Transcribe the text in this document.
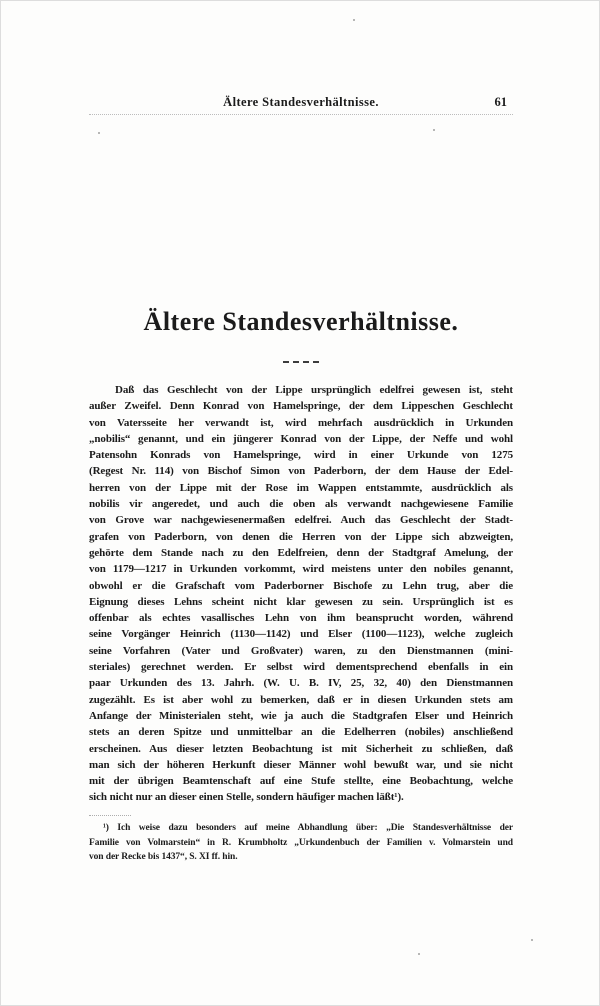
Ältere Standesverhältnisse.	61
Ältere Standesverhältnisse.
Daß das Geschlecht von der Lippe ursprünglich edelfrei gewesen ist, steht
außer Zweifel. Denn Konrad von Hamelspringe, der dem Lippeschen Geschlecht
von Vatersseite her verwandt ist, wird mehrfach ausdrücklich in Urkunden
„nobilis“ genannt, und ein jüngerer Konrad von der Lippe, der Neffe und wohl
Patensohn Konrads von Hamelspringe, wird in einer Urkunde von 1275
(Regest Nr. 114) von Bischof Simon von Paderborn, der dem Hause der Edel-
herren von der Lippe mit der Rose im Wappen entstammte, ausdrücklich als
nobilis vir angeredet, und auch die oben als verwandt nachgewiesene Familie
von Grove war nachgewiesenermaßen edelfrei. Auch das Geschlecht der Stadt-
grafen von Paderborn, von denen die Herren von der Lippe sich abzweigten,
gehörte dem Stande nach zu den Edelfreien, denn der Stadtgraf Amelung, der
von 1179—1217 in Urkunden vorkommt, wird meistens unter den nobiles genannt,
obwohl er die Grafschaft vom Paderborner Bischofe zu Lehn trug, aber die
Eignung dieses Lehns scheint nicht klar gewesen zu sein. Ursprünglich ist es
offenbar als echtes vasallisches Lehn von ihm beansprucht worden, während
seine Vorgänger Heinrich (1130—1142) und Elser (1100—1123), welche zugleich
seine Vorfahren (Vater und Großvater) waren, zu den Dienstmannen (mini-
steriales) gerechnet werden. Er selbst wird dementsprechend ebenfalls in ein
paar Urkunden des 13. Jahrh. (W. U. B. IV, 25, 32, 40) den Dienstmannen
zugezählt. Es ist aber wohl zu bemerken, daß er in diesen Urkunden stets am
Anfange der Ministerialen steht, wie ja auch die Stadtgrafen Elser und Heinrich
stets an deren Spitze und unmittelbar an die Edelherren (nobiles) anschließend
erscheinen. Aus dieser letzten Beobachtung ist mit Sicherheit zu schließen, daß
man sich der höheren Herkunft dieser Männer wohl bewußt war, und sie nicht
mit der übrigen Beamtenschaft auf eine Stufe stellte, eine Beobachtung, welche
sich nicht nur an dieser einen Stelle, sondern häufiger machen läßt¹).
¹) Ich weise dazu besonders auf meine Abhandlung über: „Die Standesverhältnisse der
Familie von Volmarstein“ in R. Krumbholtz „Urkundenbuch der Familien v. Volmarstein und
von der Recke bis 1437“, S. XI ff. hin.
